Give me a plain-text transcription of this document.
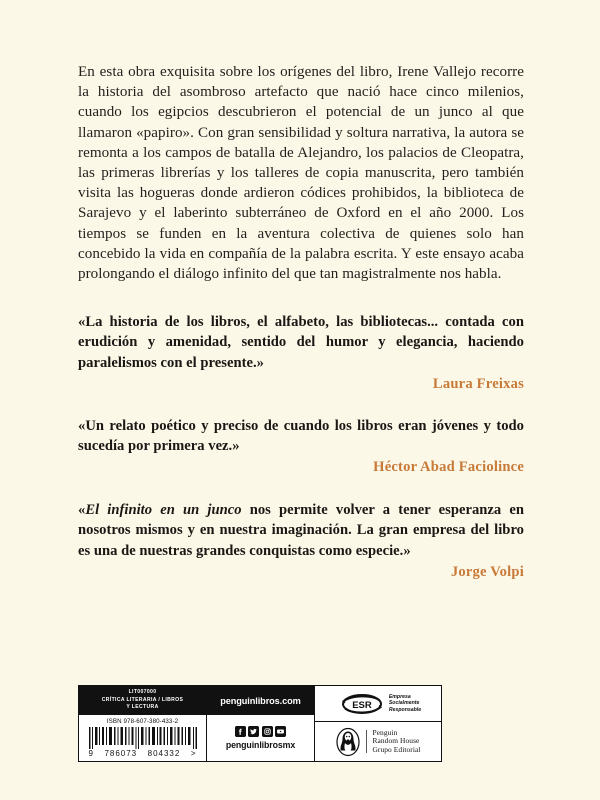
En esta obra exquisita sobre los orígenes del libro, Irene Vallejo recorre la historia del asombroso artefacto que nació hace cinco milenios, cuando los egipcios descubrieron el potencial de un junco al que llamaron «papiro». Con gran sensibilidad y soltura narrativa, la autora se remonta a los campos de batalla de Alejandro, los palacios de Cleopatra, las primeras librerías y los talleres de copia manuscrita, pero también visita las hogueras donde ardieron códices prohibidos, la biblioteca de Sarajevo y el laberinto subterráneo de Oxford en el año 2000. Los tiempos se funden en la aventura colectiva de quienes solo han concebido la vida en compañía de la palabra escrita. Y este ensayo acaba prolongando el diálogo infinito del que tan magistralmente nos habla.

«La historia de los libros, el alfabeto, las bibliotecas... contada con erudición y amenidad, sentido del humor y elegancia, haciendo paralelismos con el presente.»

Laura Freixas

«Un relato poético y preciso de cuando los libros eran jóvenes y todo sucedía por primera vez.»

Héctor Abad Faciolince

«El infinito en un junco nos permite volver a tener esperanza en nosotros mismos y en nuestra imaginación. La gran empresa del libro es una de nuestras grandes conquistas como especie.»

Jorge Volpi
LIT007000
CRÍTICA LITERARIA / LIBROS
Y LECTURA
ISBN 978-607-380-433-2
9 786073 804332 >
penguinlibros.com
penguinlibrosmx
ESR
Empresa
Socialmente
Responsable
Penguin
Random House
Grupo Editorial
